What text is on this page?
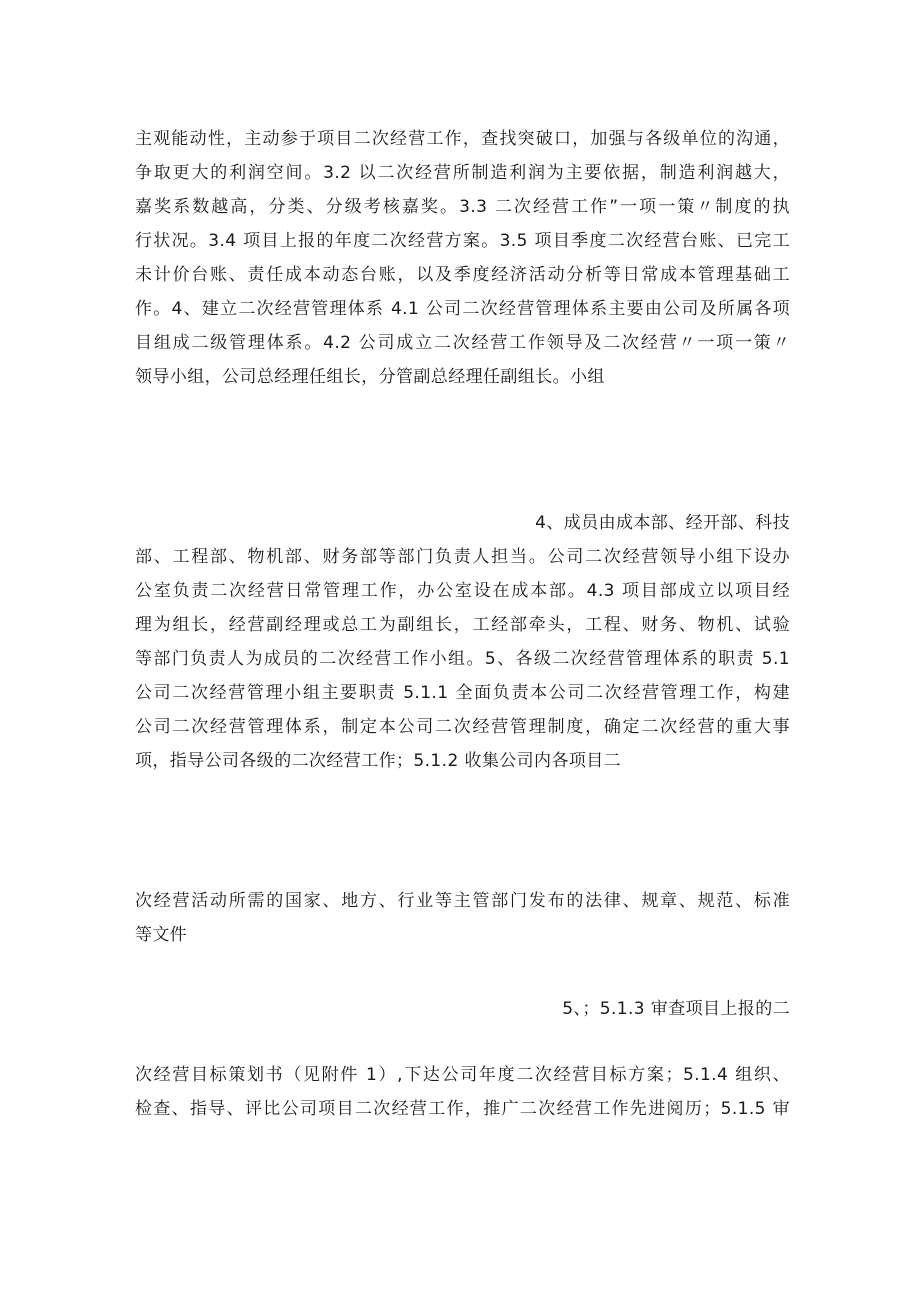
主观能动性，主动参于项目二次经营工作，查找突破口，加强与各级单位的沟通，
争取更大的利润空间。3.2 以二次经营所制造利润为主要依据，制造利润越大，
嘉奖系数越高，分类、分级考核嘉奖。3.3 二次经营工作”一项一策〃制度的执
行状况。3.4 项目上报的年度二次经营方案。3.5 项目季度二次经营台账、已完工
未计价台账、责任成本动态台账，以及季度经济活动分析等日常成本管理基础工
作。4、建立二次经营管理体系 4.1 公司二次经营管理体系主要由公司及所属各项
目组成二级管理体系。4.2 公司成立二次经营工作领导及二次经营〃一项一策〃
领导小组，公司总经理任组长，分管副总经理任副组长。小组
4、成员由成本部、经开部、科技
部、工程部、物机部、财务部等部门负责人担当。公司二次经营领导小组下设办
公室负责二次经营日常管理工作，办公室设在成本部。4.3 项目部成立以项目经
理为组长，经营副经理或总工为副组长，工经部牵头，工程、财务、物机、试验
等部门负责人为成员的二次经营工作小组。5、各级二次经营管理体系的职责 5.1
公司二次经营管理小组主要职责 5.1.1 全面负责本公司二次经营管理工作，构建
公司二次经营管理体系，制定本公司二次经营管理制度，确定二次经营的重大事
项，指导公司各级的二次经营工作；5.1.2 收集公司内各项目二
次经营活动所需的国家、地方、行业等主管部门发布的法律、规章、规范、标准
等文件
5、；5.1.3 审查项目上报的二
次经营目标策划书（见附件 1）,下达公司年度二次经营目标方案；5.1.4 组织、
检查、指导、评比公司项目二次经营工作，推广二次经营工作先进阅历；5.1.5 审
